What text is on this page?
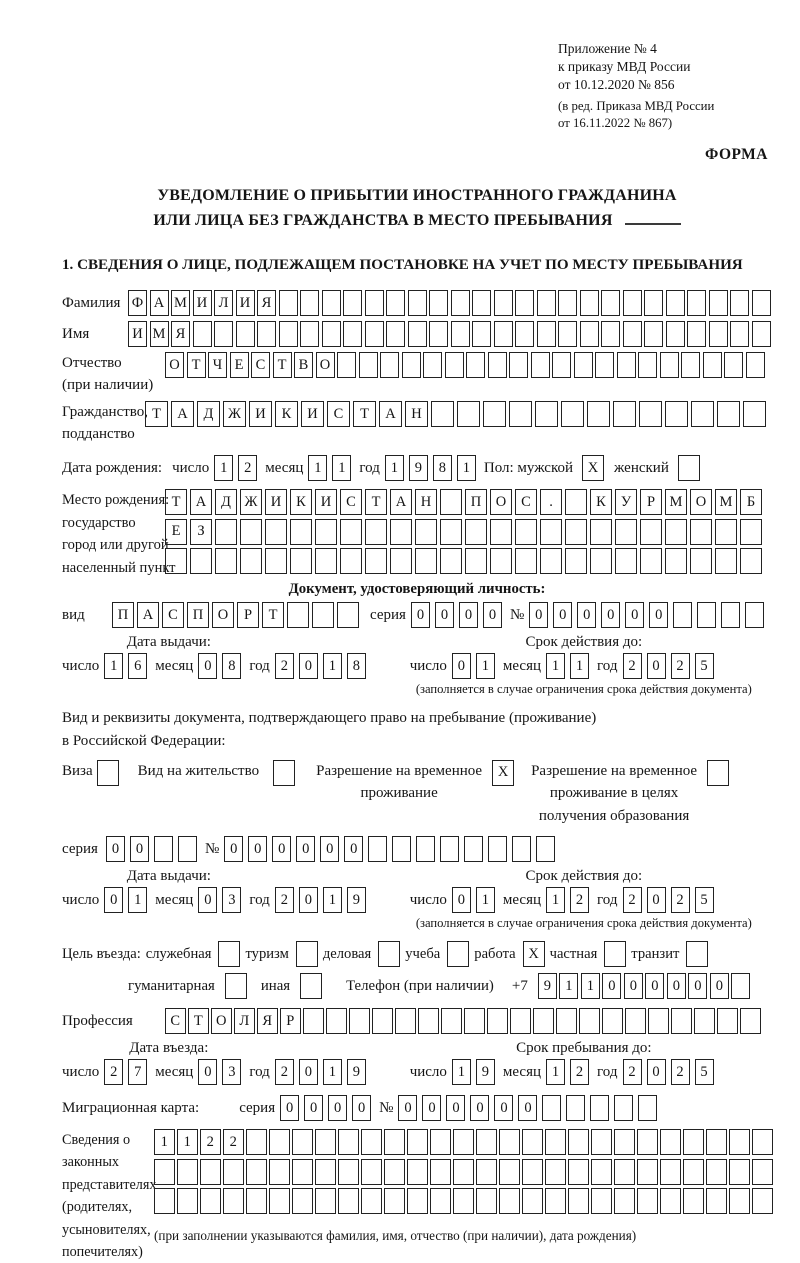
Приложение № 4
к приказу МВД России
от 10.12.2020 № 856
(в ред. Приказа МВД России
от 16.11.2022 № 867)
ФОРМА
УВЕДОМЛЕНИЕ О ПРИБЫТИИ ИНОСТРАННОГО ГРАЖДАНИНА
ИЛИ ЛИЦА БЕЗ ГРАЖДАНСТВА В МЕСТО ПРЕБЫВАНИЯ
1. СВЕДЕНИЯ О ЛИЦЕ, ПОДЛЕЖАЩЕМ ПОСТАНОВКЕ НА УЧЕТ ПО МЕСТУ ПРЕБЫВАНИЯ
Фамилия Ф А М И Л И Я
Имя	И М Я
Отчество
(при наличии)
О Т Ч Е С Т В О
Гражданство,
подданство
Т	А	Д	Ж И	К	И	С	Т	А	Н
Дата рождения: число 1	2 месяц 1	1 год 1	9	8	1 Пол: мужской	X	женский
Место рождения:
государство
город или другой
населенный пункт
Т	А	Д Ж И	К	И	С	Т	А	Н	П	О	С	.	К	У	Р	М О М Б
Е	З
Документ, удостоверяющий личность:
вид	П	А	С	П	О	Р	Т	серия 0	0	0	0 № 0	0	0	0	0	0
Дата выдачи:
число 1	6 месяц 0	8 год 2	0	1	8
Срок действия до:
число 0	1 месяц 1	1 год 2	0	2	5
(заполняется в случае ограничения срока действия документа)
Вид и реквизиты документа, подтверждающего право на пребывание (проживание)
в Российской Федерации:
Виза	Вид на жительство	Разрешение на временное
проживание
X	Разрешение на временное
проживание в целях
получения образования
серия 0	0	№ 0	0	0	0	0	0
Дата выдачи:
число 0	1 месяц 0	3 год 2	0	1	9
Срок действия до:
число 0	1 месяц 1	2 год 2	0	2	5
(заполняется в случае ограничения срока действия документа)
Цель въезда: служебная туризм деловая учеба работа X частная транзит
гуманитарная	иная	Телефон (при наличии) +7	9 1 1 0 0 0 0 0 0
Профессия	С Т О Л Я Р
Дата въезда:
число 2	7 месяц 0	3 год 2	0	1	9
Срок пребывания до:
число 1	9 месяц 1	2 год 2	0	2	5
Миграционная карта:	серия 0	0	0	0 № 0	0	0	0	0	0
Сведения о
законных
представителях
(родителях,
усыновителях,
попечителях)
1	1	2	2
(при заполнении указываются фамилия, имя, отчество (при наличии), дата рождения)
